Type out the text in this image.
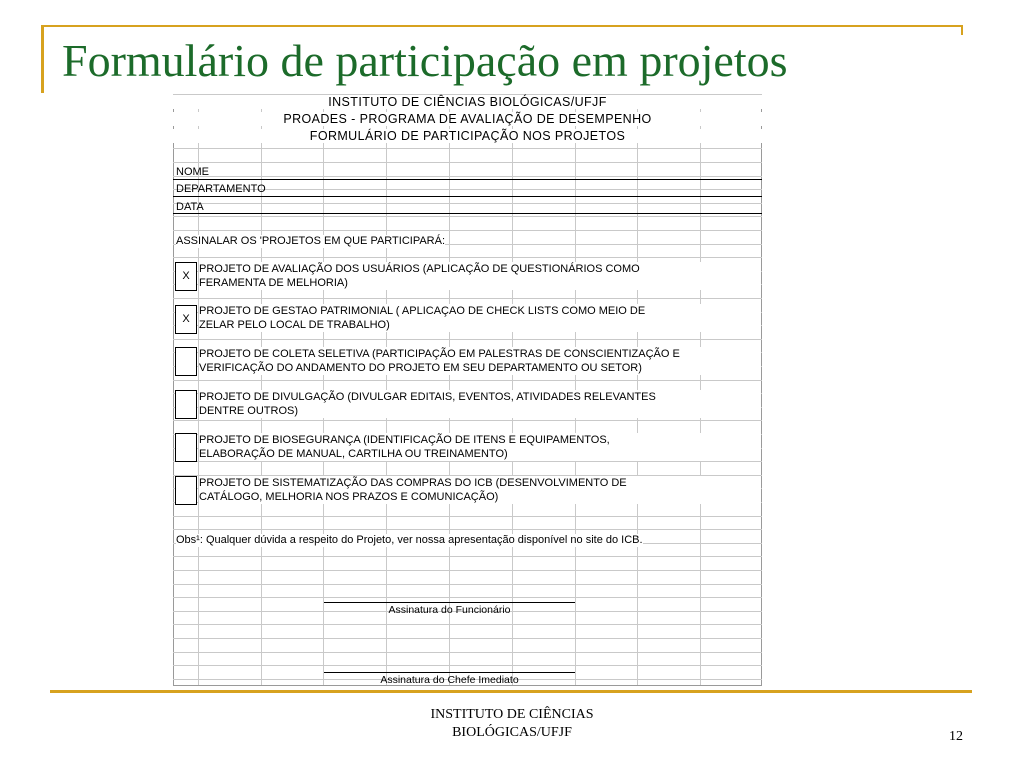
Formulário de participação em projetos
INSTITUTO DE CIÊNCIAS BIOLÓGICAS/UFJF
PROADES - PROGRAMA DE AVALIAÇÃO DE DESEMPENHO
FORMULÁRIO DE PARTICIPAÇÃO NOS PROJETOS
NOME
DEPARTAMENTO
DATA
ASSINALAR OS 'PROJETOS EM QUE PARTICIPARÁ:
X
PROJETO DE AVALIAÇÃO DOS USUÁRIOS (APLICAÇÃO DE QUESTIONÁRIOS COMO
FERAMENTA DE MELHORIA)
X
PROJETO DE GESTAO PATRIMONIAL ( APLICAÇAO DE CHECK LISTS COMO MEIO DE
ZELAR PELO LOCAL DE TRABALHO)
PROJETO DE COLETA SELETIVA (PARTICIPAÇÃO EM PALESTRAS DE CONSCIENTIZAÇÃO E
VERIFICAÇÃO DO ANDAMENTO DO PROJETO EM SEU DEPARTAMENTO OU SETOR)
PROJETO DE DIVULGAÇÃO (DIVULGAR EDITAIS, EVENTOS, ATIVIDADES RELEVANTES
DENTRE OUTROS)
PROJETO DE BIOSEGURANÇA (IDENTIFICAÇÃO DE ITENS E EQUIPAMENTOS,
ELABORAÇÃO DE MANUAL, CARTILHA OU TREINAMENTO)
PROJETO DE SISTEMATIZAÇÃO DAS COMPRAS DO ICB (DESENVOLVIMENTO DE
CATÁLOGO, MELHORIA NOS PRAZOS E COMUNICAÇÃO)
Obs¹: Qualquer dúvida a respeito do Projeto, ver nossa apresentação disponível no site do ICB.
Assinatura do Funcionário
Assinatura do Chefe Imediato
INSTITUTO DE CIÊNCIAS
BIOLÓGICAS/UFJF	12
